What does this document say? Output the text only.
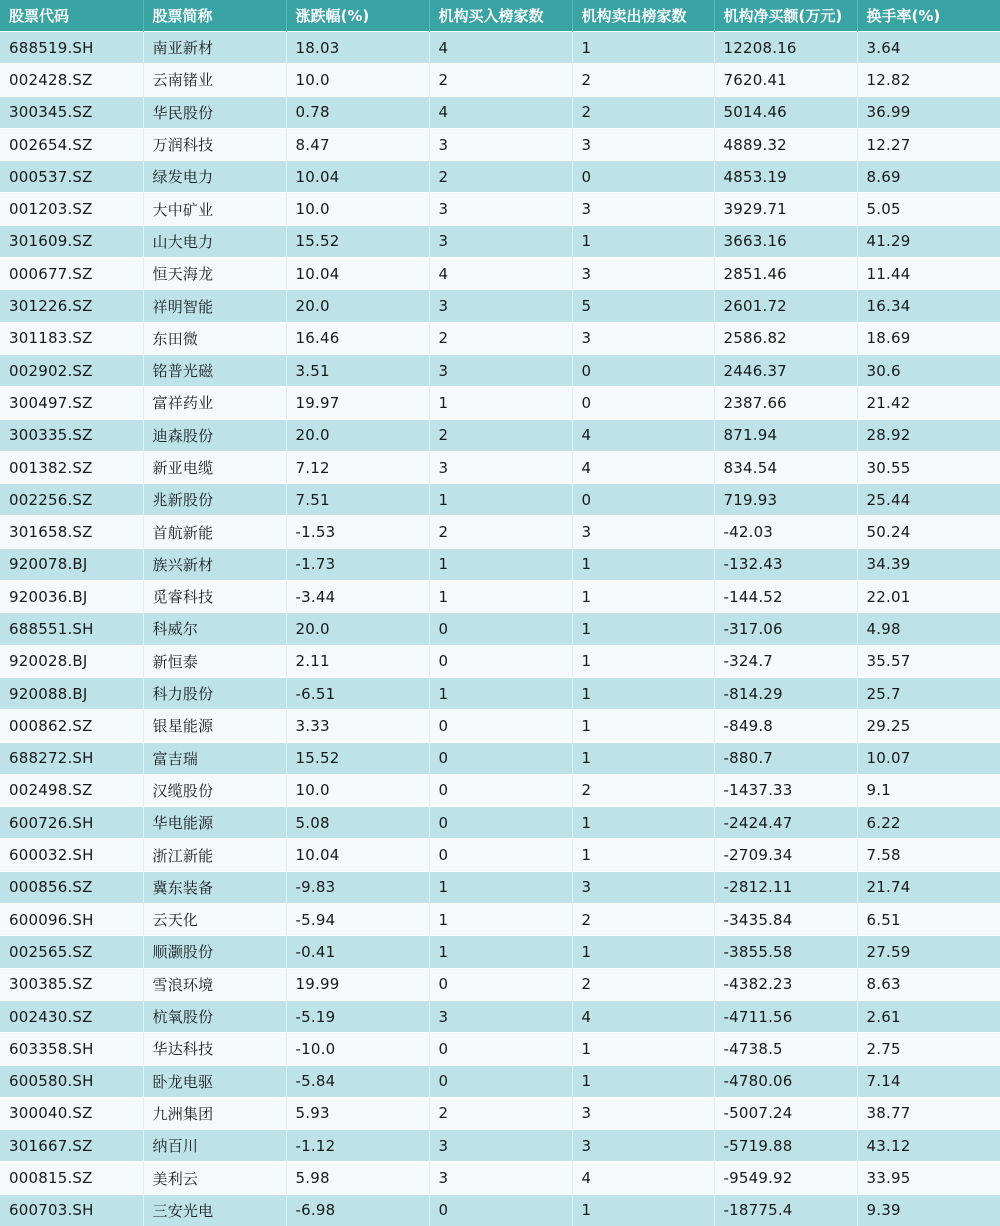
股票代码	股票简称	涨跌幅(%)	机构买入榜家数	机构卖出榜家数	机构净买额(万元)	换手率(%)
688519.SH	南亚新材	18.03	4	1	12208.16	3.64
002428.SZ	云南锗业	10.0	2	2	7620.41	12.82
300345.SZ	华民股份	0.78	4	2	5014.46	36.99
002654.SZ	万润科技	8.47	3	3	4889.32	12.27
000537.SZ	绿发电力	10.04	2	0	4853.19	8.69
001203.SZ	大中矿业	10.0	3	3	3929.71	5.05
301609.SZ	山大电力	15.52	3	1	3663.16	41.29
000677.SZ	恒天海龙	10.04	4	3	2851.46	11.44
301226.SZ	祥明智能	20.0	3	5	2601.72	16.34
301183.SZ	东田微	16.46	2	3	2586.82	18.69
002902.SZ	铭普光磁	3.51	3	0	2446.37	30.6
300497.SZ	富祥药业	19.97	1	0	2387.66	21.42
300335.SZ	迪森股份	20.0	2	4	871.94	28.92
001382.SZ	新亚电缆	7.12	3	4	834.54	30.55
002256.SZ	兆新股份	7.51	1	0	719.93	25.44
301658.SZ	首航新能	-1.53	2	3	-42.03	50.24
920078.BJ	族兴新材	-1.73	1	1	-132.43	34.39
920036.BJ	觅睿科技	-3.44	1	1	-144.52	22.01
688551.SH	科威尔	20.0	0	1	-317.06	4.98
920028.BJ	新恒泰	2.11	0	1	-324.7	35.57
920088.BJ	科力股份	-6.51	1	1	-814.29	25.7
000862.SZ	银星能源	3.33	0	1	-849.8	29.25
688272.SH	富吉瑞	15.52	0	1	-880.7	10.07
002498.SZ	汉缆股份	10.0	0	2	-1437.33	9.1
600726.SH	华电能源	5.08	0	1	-2424.47	6.22
600032.SH	浙江新能	10.04	0	1	-2709.34	7.58
000856.SZ	冀东装备	-9.83	1	3	-2812.11	21.74
600096.SH	云天化	-5.94	1	2	-3435.84	6.51
002565.SZ	顺灏股份	-0.41	1	1	-3855.58	27.59
300385.SZ	雪浪环境	19.99	0	2	-4382.23	8.63
002430.SZ	杭氧股份	-5.19	3	4	-4711.56	2.61
603358.SH	华达科技	-10.0	0	1	-4738.5	2.75
600580.SH	卧龙电驱	-5.84	0	1	-4780.06	7.14
300040.SZ	九洲集团	5.93	2	3	-5007.24	38.77
301667.SZ	纳百川	-1.12	3	3	-5719.88	43.12
000815.SZ	美利云	5.98	3	4	-9549.92	33.95
600703.SH	三安光电	-6.98	0	1	-18775.4	9.39
